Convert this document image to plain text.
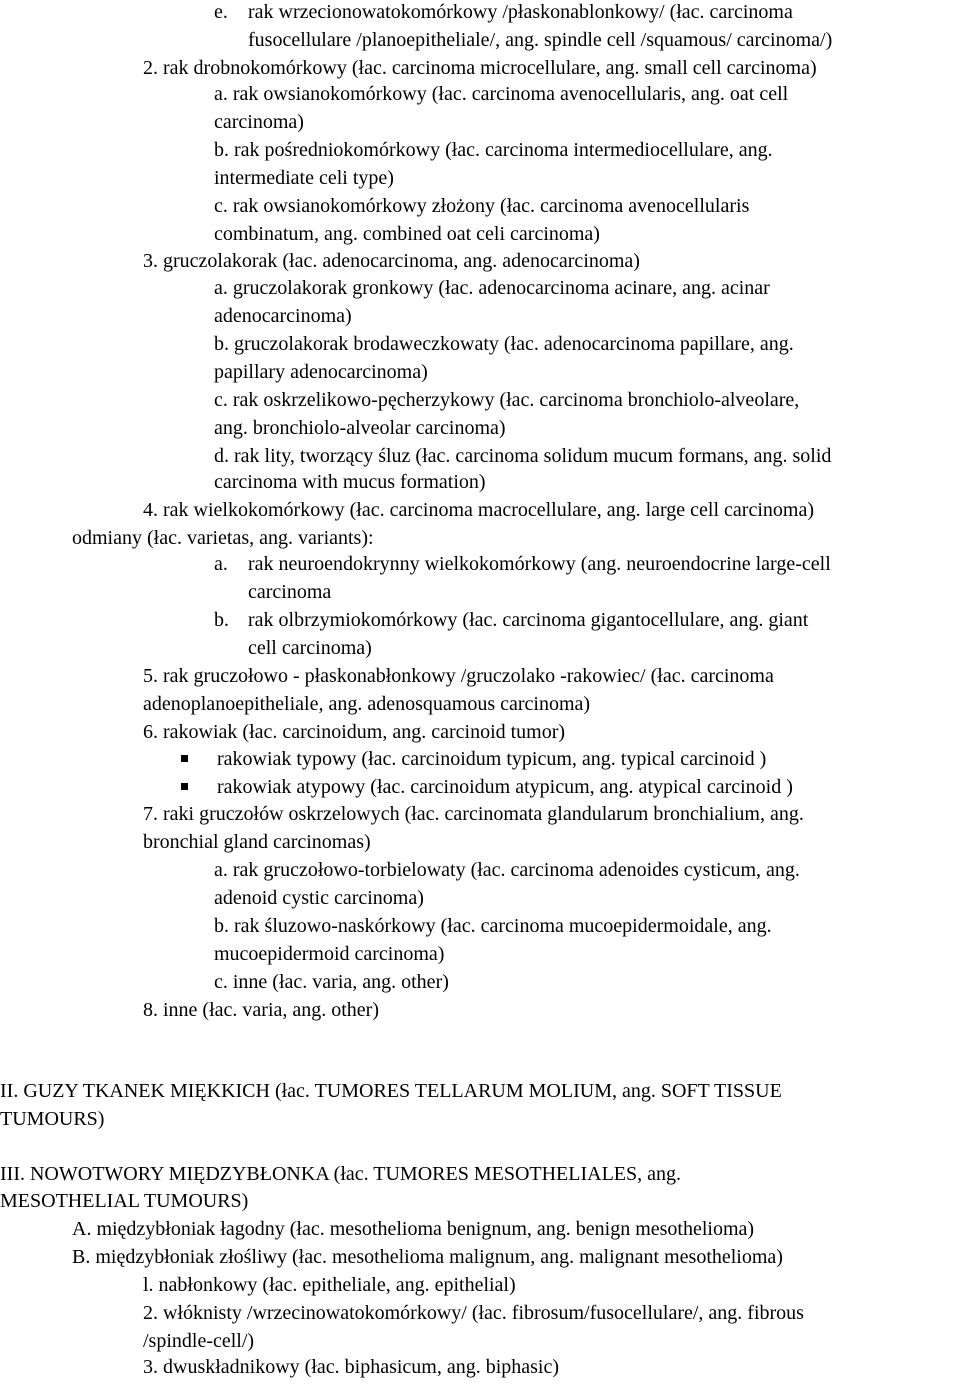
e. rak wrzecionowatokomórkowy /płaskonablonkowy/ (łac. carcinoma
fusocellulare /planoepitheliale/, ang. spindle cell /squamous/ carcinoma/)
2. rak drobnokomórkowy (łac. carcinoma microcellulare, ang. small cell carcinoma)
a. rak owsianokomórkowy (łac. carcinoma avenocellularis, ang. oat cell
carcinoma)
b. rak pośredniokomórkowy (łac. carcinoma intermediocellulare, ang.
intermediate celi type)
c. rak owsianokomórkowy złożony (łac. carcinoma avenocellularis
combinatum, ang. combined oat celi carcinoma)
3. gruczolakorak (łac. adenocarcinoma, ang. adenocarcinoma)
a. gruczolakorak gronkowy (łac. adenocarcinoma acinare, ang. acinar
adenocarcinoma)
b. gruczolakorak brodaweczkowaty (łac. adenocarcinoma papillare, ang.
papillary adenocarcinoma)
c. rak oskrzelikowo-pęcherzykowy (łac. carcinoma bronchiolo-alveolare,
ang. bronchiolo-alveolar carcinoma)
d. rak lity, tworzący śluz (łac. carcinoma solidum mucum formans, ang. solid
carcinoma with mucus formation)
4. rak wielkokomórkowy (łac. carcinoma macrocellulare, ang. large cell carcinoma)
odmiany (łac. varietas, ang. variants):
a. rak neuroendokrynny wielkokomórkowy (ang. neuroendocrine large-cell
carcinoma
b. rak olbrzymiokomórkowy (łac. carcinoma gigantocellulare, ang. giant
cell carcinoma)
5. rak gruczołowo - płaskonabłonkowy /gruczolako -rakowiec/ (łac. carcinoma
adenoplanoepitheliale, ang. adenosquamous carcinoma)
6. rakowiak (łac. carcinoidum, ang. carcinoid tumor)
rakowiak typowy (łac. carcinoidum typicum, ang. typical carcinoid )
rakowiak atypowy (łac. carcinoidum atypicum, ang. atypical carcinoid )
7. raki gruczołów oskrzelowych (łac. carcinomata glandularum bronchialium, ang.
bronchial gland carcinomas)
a. rak gruczołowo-torbielowaty (łac. carcinoma adenoides cysticum, ang.
adenoid cystic carcinoma)
b. rak śluzowo-naskórkowy (łac. carcinoma mucoepidermoidale, ang.
mucoepidermoid carcinoma)
c. inne (łac. varia, ang. other)
8. inne (łac. varia, ang. other)
II. GUZY TKANEK MIĘKKICH (łac. TUMORES TELLARUM MOLIUM, ang. SOFT TISSUE
TUMOURS)
III. NOWOTWORY MIĘDZYBŁONKA (łac. TUMORES MESOTHELIALES, ang.
MESOTHELIAL TUMOURS)
A. międzybłoniak łagodny (łac. mesothelioma benignum, ang. benign mesothelioma)
B. międzybłoniak złośliwy (łac. mesothelioma malignum, ang. malignant mesothelioma)
l. nabłonkowy (łac. epitheliale, ang. epithelial)
2. włóknisty /wrzecinowatokomórkowy/ (łac. fibrosum/fusocellulare/, ang. fibrous
/spindle-cell/)
3. dwuskładnikowy (łac. biphasicum, ang. biphasic)
